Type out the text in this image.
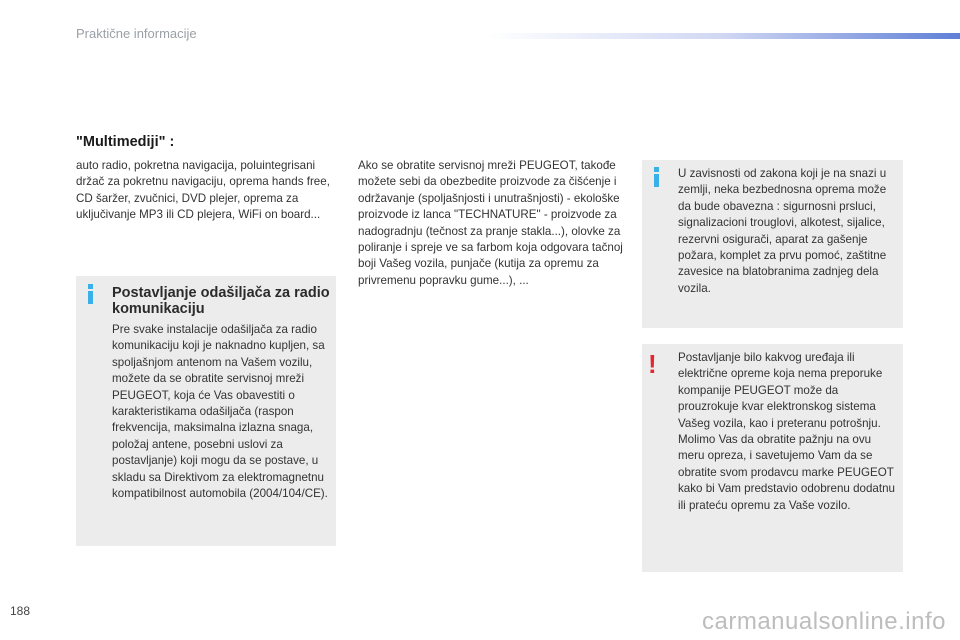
Praktične informacije
"Multimediji" :

auto radio, pokretna navigacija, poluintegrisani držač za pokretnu navigaciju, oprema hands free, CD šaržer, zvučnici, DVD plejer, oprema za uključivanje MP3 ili CD plejera, WiFi on board...

Ako se obratite servisnoj mreži PEUGEOT, takođe možete sebi da obezbedite proizvode za čišćenje i održavanje (spoljašnjosti i unutrašnjosti) - ekološke proizvode iz lanca "TECHNATURE" - proizvode za nadogradnju (tečnost za pranje stakla...), olovke za poliranje i spreje ve sa farbom koja odgovara tačnoj boji Vašeg vozila, punjače (kutija za opremu za privremenu popravku gume...), ...

Postavljanje odašiljača za radio komunikaciju

Pre svake instalacije odašiljača za radio komunikaciju koji je naknadno kupljen, sa spoljašnjom antenom na Vašem vozilu, možete da se obratite servisnoj mreži PEUGEOT, koja će Vas obavestiti o karakteristikama odašiljača (raspon frekvencija, maksimalna izlazna snaga, položaj antene, posebni uslovi za postavljanje) koji mogu da se postave, u skladu sa Direktivom za elektromagnetnu kompatibilnost automobila (2004/104/CE).

U zavisnosti od zakona koji je na snazi u zemlji, neka bezbednosna oprema može da bude obavezna : sigurnosni prsluci, signalizacioni trouglovi, alkotest, sijalice, rezervni osigurači, aparat za gašenje požara, komplet za prvu pomoć, zaštitne zavesice na blatobranima zadnjeg dela vozila.

!	Postavljanje bilo kakvog uređaja ili električne opreme koja nema preporuke kompanije PEUGEOT može da prouzrokuje kvar elektronskog sistema Vašeg vozila, kao i preteranu potrošnju. Molimo Vas da obratite pažnju na ovu meru opreza, i savetujemo Vam da se obratite svom prodavcu marke PEUGEOT kako bi Vam predstavio odobrenu dodatnu ili prateću opremu za Vaše vozilo.

188	carmanualsonline.info
